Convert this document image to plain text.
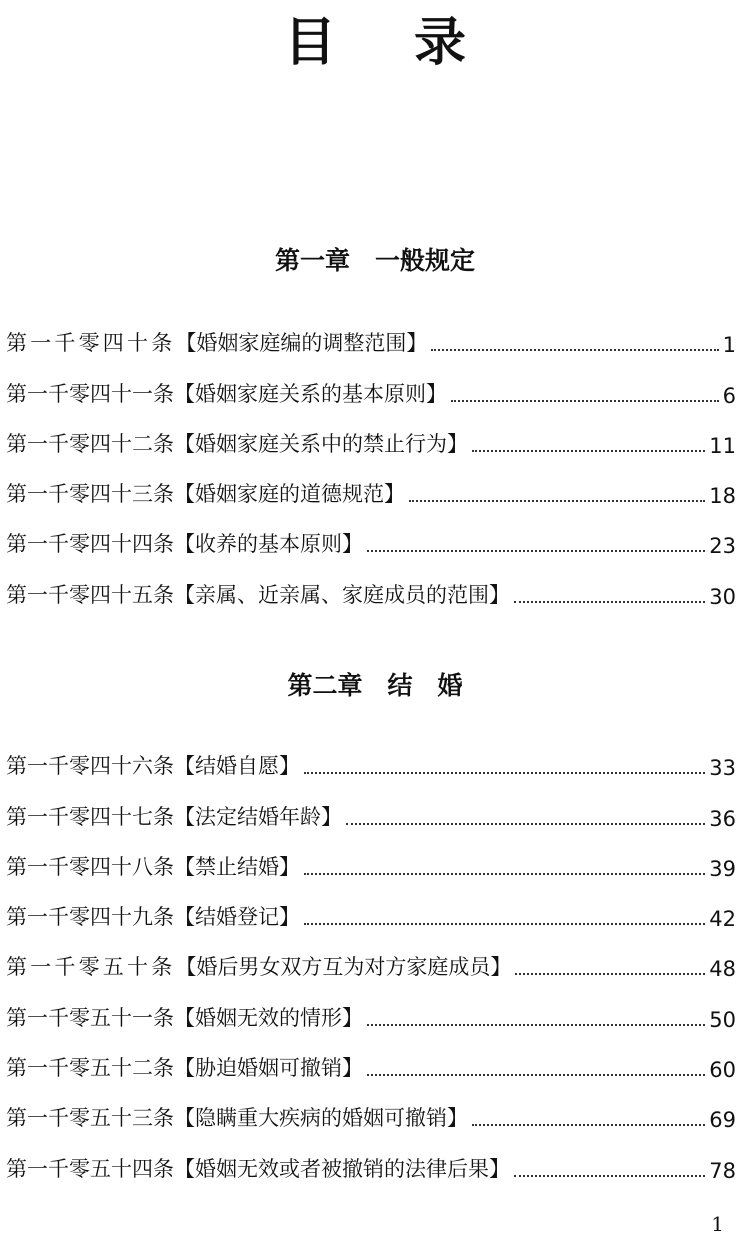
目 录
第一章　一般规定
第一千零四十条 【婚姻家庭编的调整范围】	1
第一千零四十一条 【婚姻家庭关系的基本原则】	6
第一千零四十二条 【婚姻家庭关系中的禁止行为】	11
第一千零四十三条 【婚姻家庭的道德规范】	18
第一千零四十四条 【收养的基本原则】	23
第一千零四十五条 【亲属、近亲属、家庭成员的范围】	30
第二章　结　婚
第一千零四十六条 【结婚自愿】	33
第一千零四十七条 【法定结婚年龄】	36
第一千零四十八条 【禁止结婚】	39
第一千零四十九条 【结婚登记】	42
第一千零五十条 【婚后男女双方互为对方家庭成员】	48
第一千零五十一条 【婚姻无效的情形】	50
第一千零五十二条 【胁迫婚姻可撤销】	60
第一千零五十三条 【隐瞒重大疾病的婚姻可撤销】	69
第一千零五十四条 【婚姻无效或者被撤销的法律后果】	78
1
